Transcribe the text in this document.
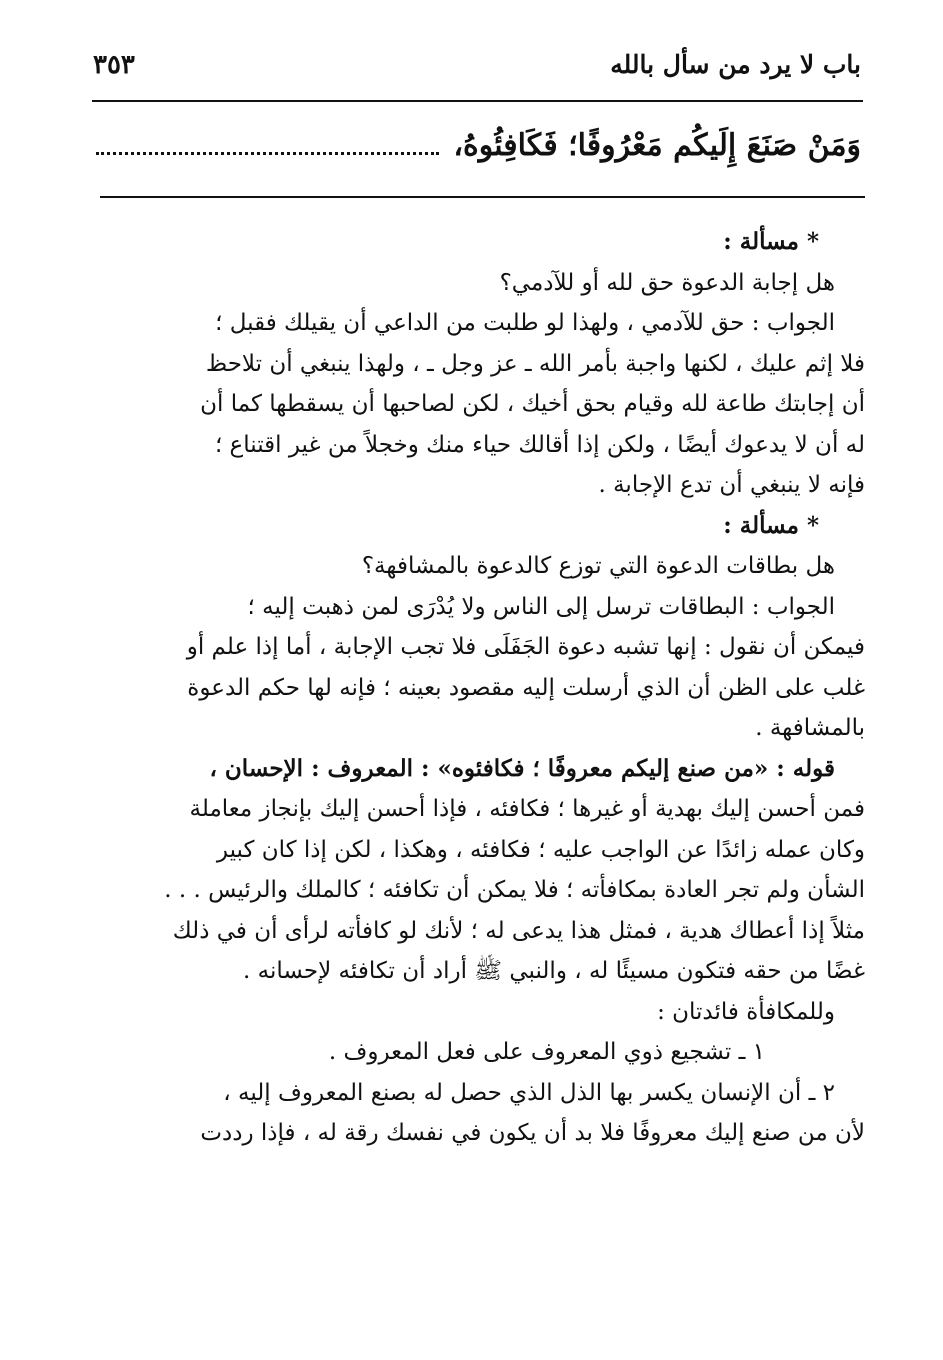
باب لا يرد من سأل بالله
٣٥٣
وَمَنْ صَنَعَ إِلَيكُم مَعْرُوفًا؛ فَكَافِئُوهُ،
* مسألة :
هل إجابة الدعوة حق لله أو للآدمي؟
الجواب : حق للآدمي ، ولهذا لو طلبت من الداعي أن يقيلك فقبل ؛
فلا إثم عليك ، لكنها واجبة بأمر الله ـ عز وجل ـ ، ولهذا ينبغي أن تلاحظ
أن إجابتك طاعة لله وقيام بحق أخيك ، لكن لصاحبها أن يسقطها كما أن
له أن لا يدعوك أيضًا ، ولكن إذا أقالك حياء منك وخجلاً من غير اقتناع ؛
فإنه لا ينبغي أن تدع الإجابة .
* مسألة :
هل بطاقات الدعوة التي توزع كالدعوة بالمشافهة؟
الجواب : البطاقات ترسل إلى الناس ولا يُدْرَى لمن ذهبت إليه ؛
فيمكن أن نقول : إنها تشبه دعوة الجَفَلَى فلا تجب الإجابة ، أما إذا علم أو
غلب على الظن أن الذي أرسلت إليه مقصود بعينه ؛ فإنه لها حكم الدعوة
بالمشافهة .
قوله : «من صنع إليكم معروفًا ؛ فكافئوه» : المعروف : الإحسان ،
فمن أحسن إليك بهدية أو غيرها ؛ فكافئه ، فإذا أحسن إليك بإنجاز معاملة
وكان عمله زائدًا عن الواجب عليه ؛ فكافئه ، وهكذا ، لكن إذا كان كبير
الشأن ولم تجر العادة بمكافأته ؛ فلا يمكن أن تكافئه ؛ كالملك والرئيس . . .
مثلاً إذا أعطاك هدية ، فمثل هذا يدعى له ؛ لأنك لو كافأته لرأى أن في ذلك
غضًا من حقه فتكون مسيئًا له ، والنبي ﷺ أراد أن تكافئه لإحسانه .
وللمكافأة فائدتان :
١ ـ تشجيع ذوي المعروف على فعل المعروف .
٢ ـ أن الإنسان يكسر بها الذل الذي حصل له بصنع المعروف إليه ،
لأن من صنع إليك معروفًا فلا بد أن يكون في نفسك رقة له ، فإذا رددت
